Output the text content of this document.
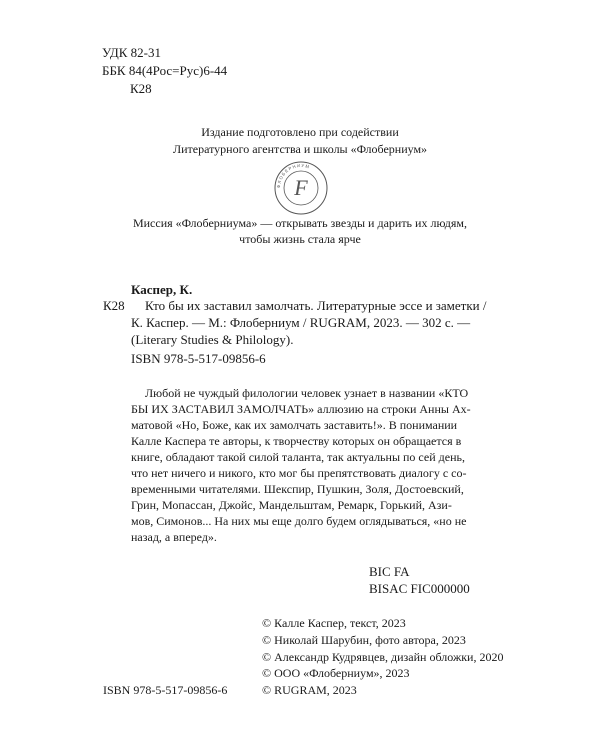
УДК 82-31
ББК 84(4Рос=Рус)6-44
К28
Издание подготовлено при содействии
Литературного агентства и школы «Флоберниум»
ФЛОБЕРНИУМ
F
Миссия «Флоберниума» — открывать звезды и дарить их людям,
чтобы жизнь стала ярче
Каспер, К.
К28 Кто бы их заставил замолчать. Литературные эссе и заметки /
К. Каспер. — М.: Флоберниум / RUGRAM, 2023. — 302 с. —
(Literary Studies & Philology).
ISBN 978-5-517-09856-6
Любой не чуждый филологии человек узнает в названии «КТО
БЫ ИХ ЗАСТАВИЛ ЗАМОЛЧАТЬ» аллюзию на строки Анны Ах-
матовой «Но, Боже, как их замолчать заставить!». В понимании
Калле Каспера те авторы, к творчеству которых он обращается в
книге, обладают такой силой таланта, так актуальны по сей день,
что нет ничего и никого, кто мог бы препятствовать диалогу с со-
временными читателями. Шекспир, Пушкин, Золя, Достоевский,
Грин, Мопассан, Джойс, Мандельштам, Ремарк, Горький, Ази-
мов, Симонов... На них мы еще долго будем оглядываться, «но не
назад, а вперед».
BIC FA
BISAC FIC000000
© Калле Каспер, текст, 2023
© Николай Шарубин, фото автора, 2023
© Александр Кудрявцев, дизайн обложки, 2020
© ООО «Флоберниум», 2023
© RUGRAM, 2023
ISBN 978-5-517-09856-6
